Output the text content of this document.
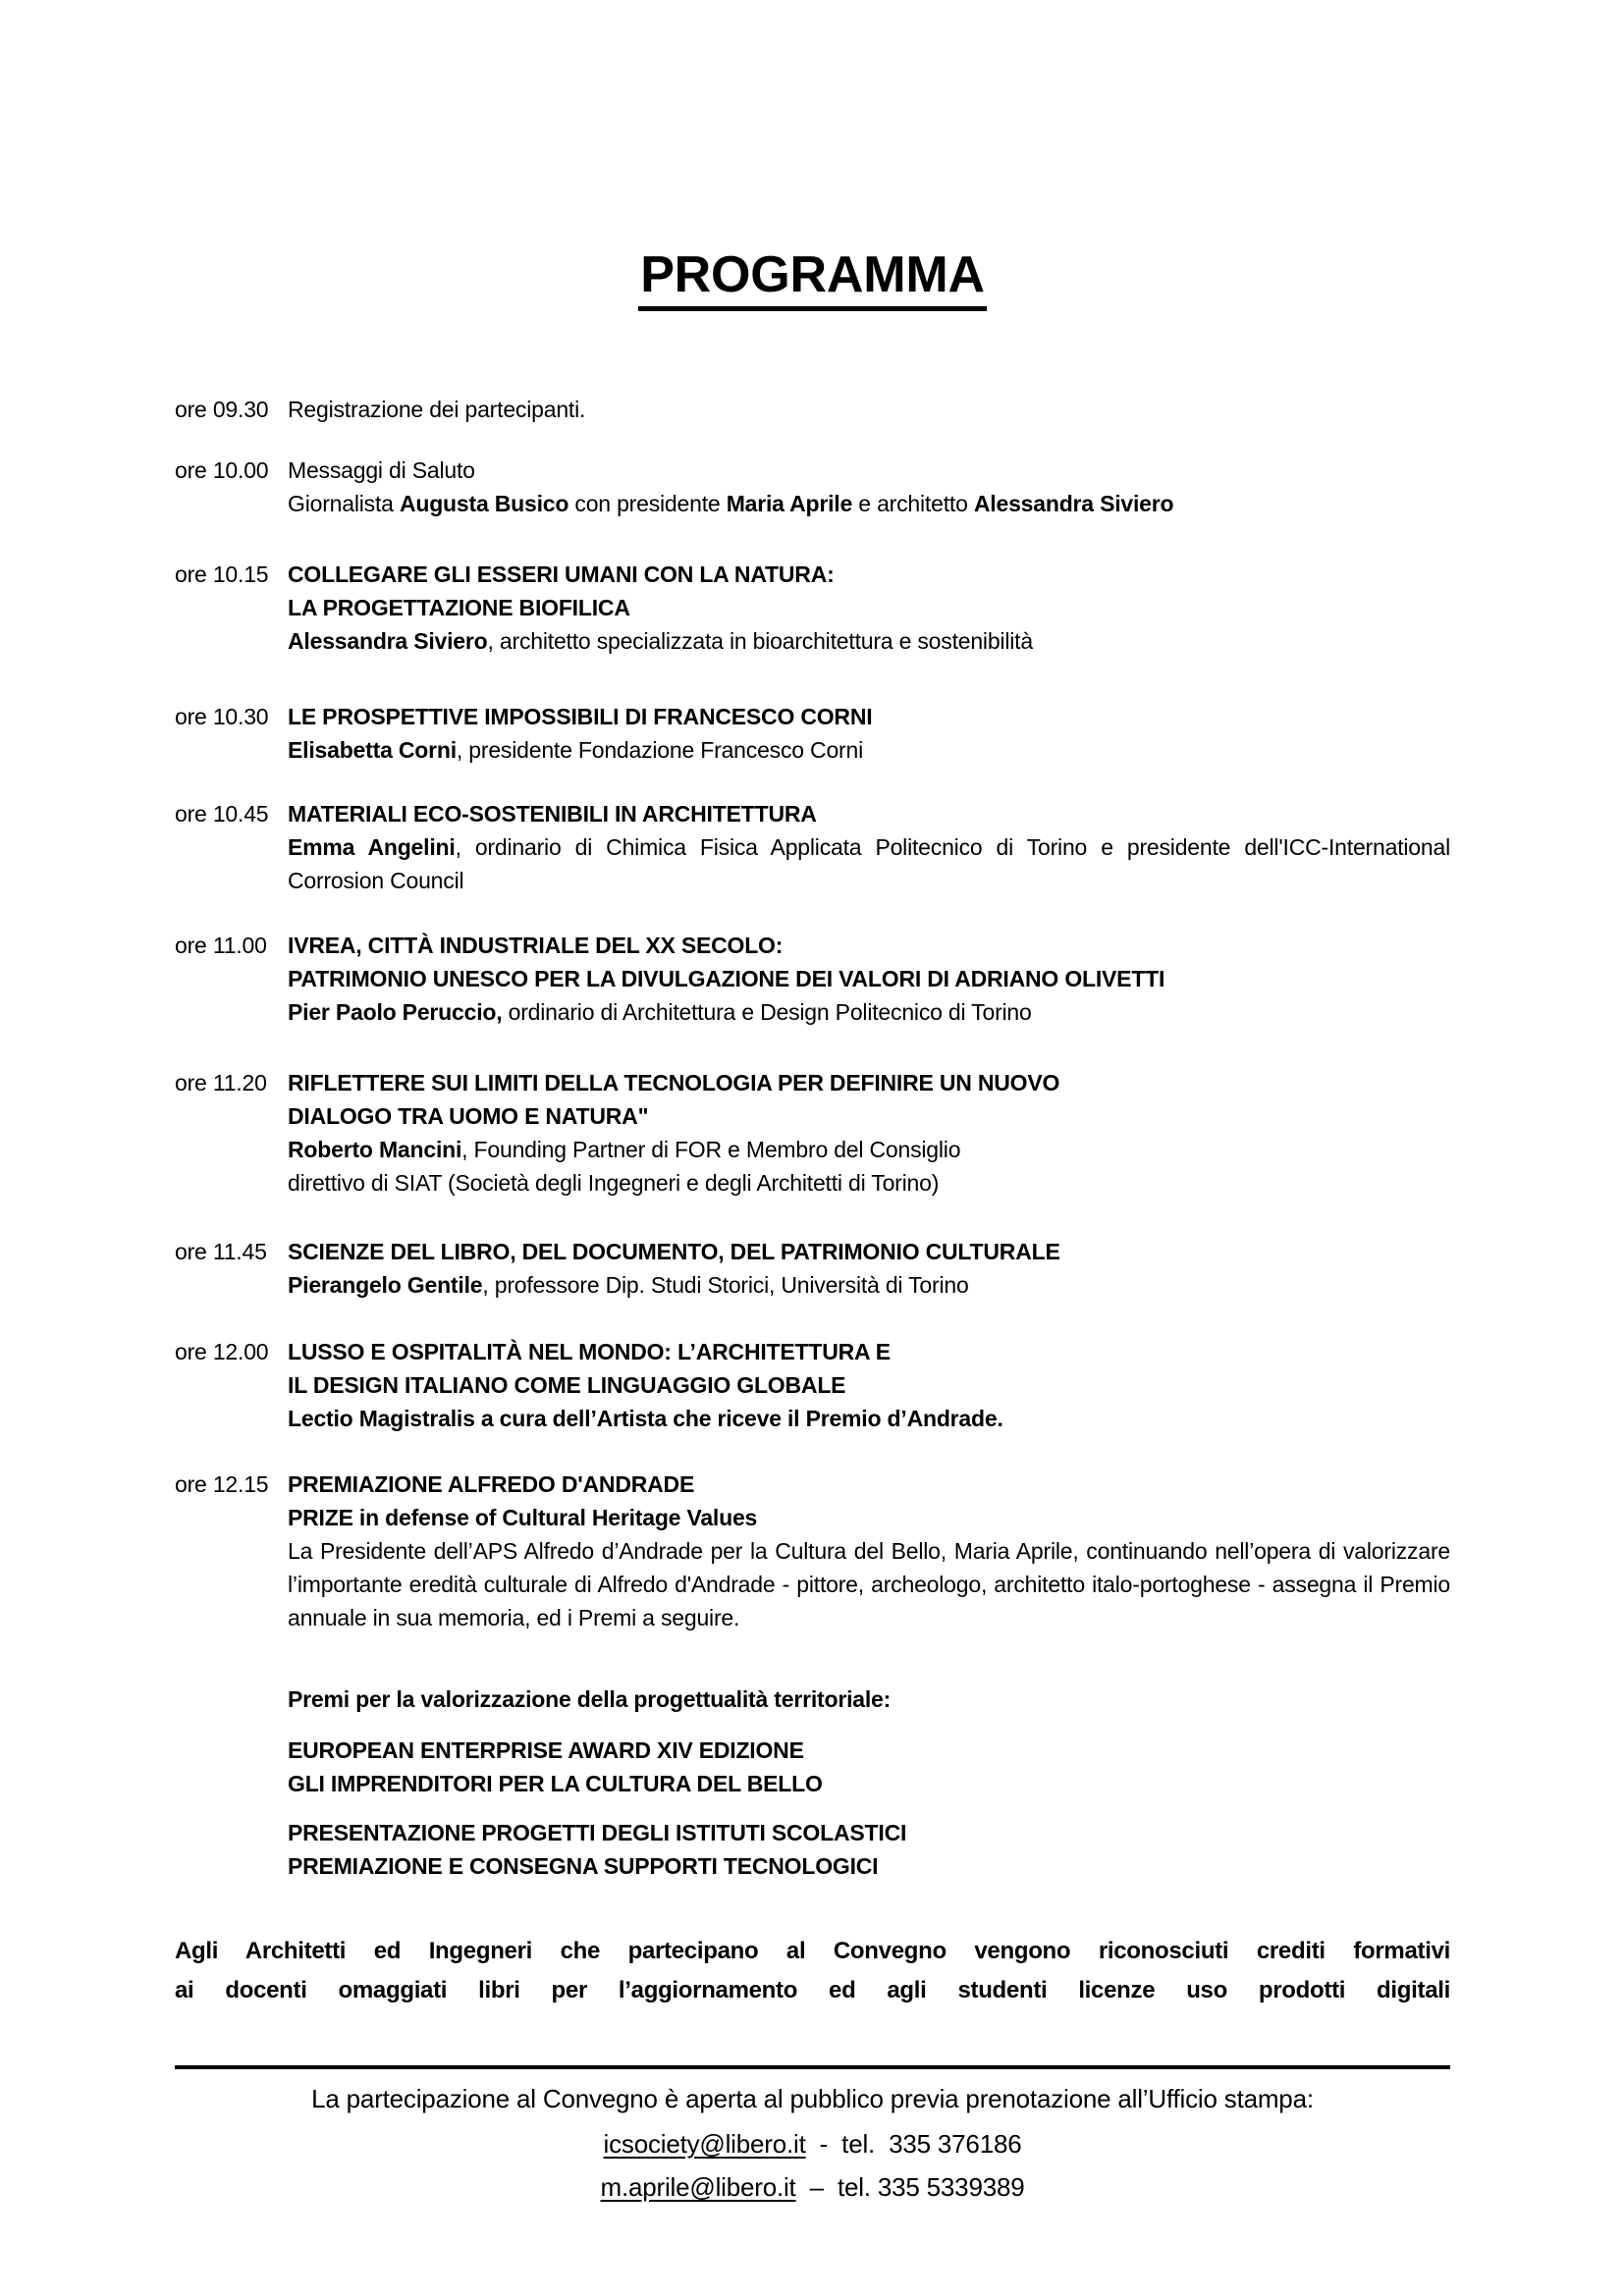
PROGRAMMA
ore 09.30 Registrazione dei partecipanti.
ore 10.00 Messaggi di Saluto
Giornalista Augusta Busico con presidente Maria Aprile e architetto Alessandra Siviero
ore 10.15 COLLEGARE GLI ESSERI UMANI CON LA NATURA:
LA PROGETTAZIONE BIOFILICA
Alessandra Siviero, architetto specializzata in bioarchitettura e sostenibilità
ore 10.30 LE PROSPETTIVE IMPOSSIBILI DI FRANCESCO CORNI
Elisabetta Corni, presidente Fondazione Francesco Corni
ore 10.45 MATERIALI ECO-SOSTENIBILI IN ARCHITETTURA
Emma Angelini, ordinario di Chimica Fisica Applicata Politecnico di Torino e presidente dell'ICC-International Corrosion Council
ore 11.00 IVREA, CITTÀ INDUSTRIALE DEL XX SECOLO:
PATRIMONIO UNESCO PER LA DIVULGAZIONE DEI VALORI DI ADRIANO OLIVETTI
Pier Paolo Peruccio, ordinario di Architettura e Design Politecnico di Torino
ore 11.20 RIFLETTERE SUI LIMITI DELLA TECNOLOGIA PER DEFINIRE UN NUOVO
DIALOGO TRA UOMO E NATURA"
Roberto Mancini, Founding Partner di FOR e Membro del Consiglio
direttivo di SIAT (Società degli Ingegneri e degli Architetti di Torino)
ore 11.45 SCIENZE DEL LIBRO, DEL DOCUMENTO, DEL PATRIMONIO CULTURALE
Pierangelo Gentile, professore Dip. Studi Storici, Università di Torino
ore 12.00 LUSSO E OSPITALITÀ NEL MONDO: L’ARCHITETTURA E
IL DESIGN ITALIANO COME LINGUAGGIO GLOBALE
Lectio Magistralis a cura dell’Artista che riceve il Premio d’Andrade.
ore 12.15 PREMIAZIONE ALFREDO D'ANDRADE
PRIZE in defense of Cultural Heritage Values
La Presidente dell’APS Alfredo d’Andrade per la Cultura del Bello, Maria Aprile, continuando nell’opera di valorizzare l’importante eredità culturale di Alfredo d'Andrade - pittore, archeologo, architetto italo-portoghese - assegna il Premio annuale in sua memoria, ed i Premi a seguire.
Premi per la valorizzazione della progettualità territoriale:
EUROPEAN ENTERPRISE AWARD XIV EDIZIONE
GLI IMPRENDITORI PER LA CULTURA DEL BELLO
PRESENTAZIONE PROGETTI DEGLI ISTITUTI SCOLASTICI
PREMIAZIONE E CONSEGNA SUPPORTI TECNOLOGICI
Agli Architetti ed Ingegneri che partecipano al Convegno vengono riconosciuti crediti formativi
ai docenti omaggiati libri per l’aggiornamento ed agli studenti licenze uso prodotti digitali
La partecipazione al Convegno è aperta al pubblico previa prenotazione all’Ufficio stampa:
icsociety@libero.it  -  tel.  335 376186
m.aprile@libero.it  –  tel. 335 5339389
